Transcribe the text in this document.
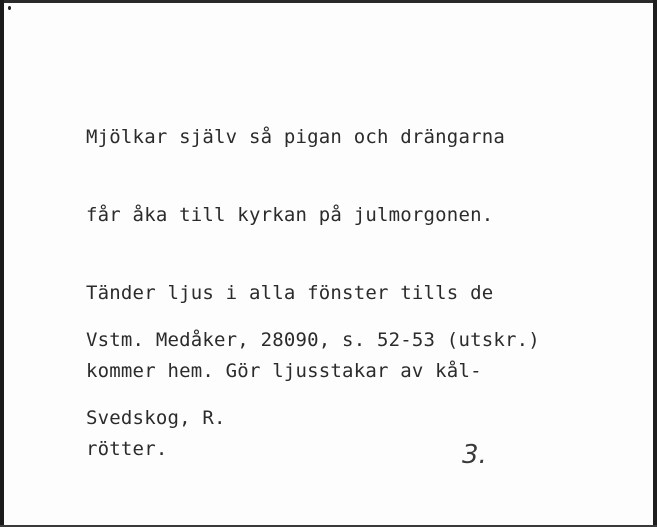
Mjölkar själv så pigan och drängarna

får åka till kyrkan på julmorgonen.

Tänder ljus i alla fönster tills de

kommer hem. Gör ljusstakar av kål-

rötter.

Vstm. Medåker, 28090, s. 52-53 (utskr.)

Svedskog, R.

3.
